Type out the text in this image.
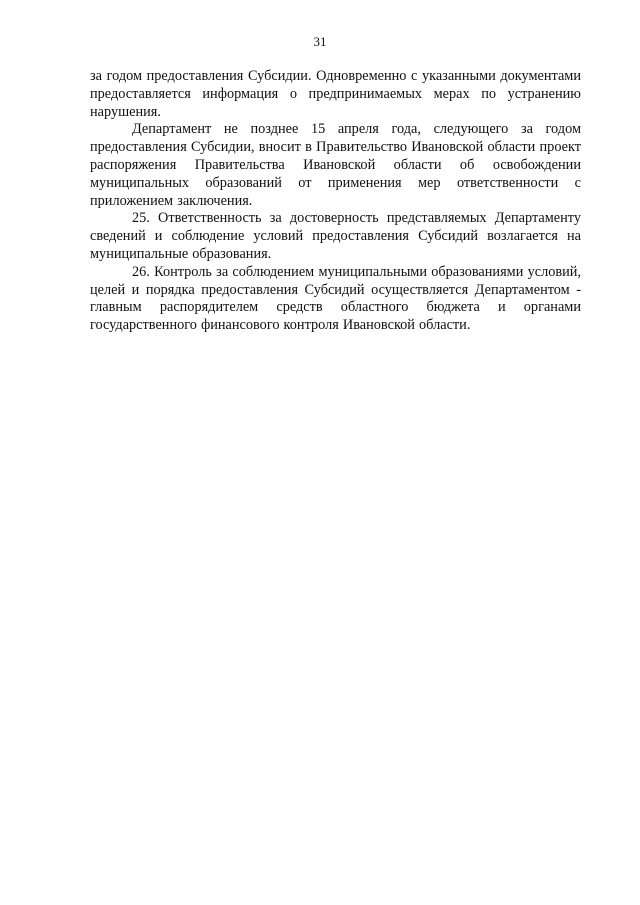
31

за годом предоставления Субсидии. Одновременно с указанными документами предоставляется информация о предпринимаемых мерах по устранению нарушения.

Департамент не позднее 15 апреля года, следующего за годом предоставления Субсидии, вносит в Правительство Ивановской области проект распоряжения Правительства Ивановской области об освобождении муниципальных образований от применения мер ответственности с приложением заключения.

25. Ответственность за достоверность представляемых Департаменту сведений и соблюдение условий предоставления Субсидий возлагается на муниципальные образования.

26. Контроль за соблюдением муниципальными образованиями условий, целей и порядка предоставления Субсидий осуществляется Департаментом - главным распорядителем средств областного бюджета и органами государственного финансового контроля Ивановской области.
